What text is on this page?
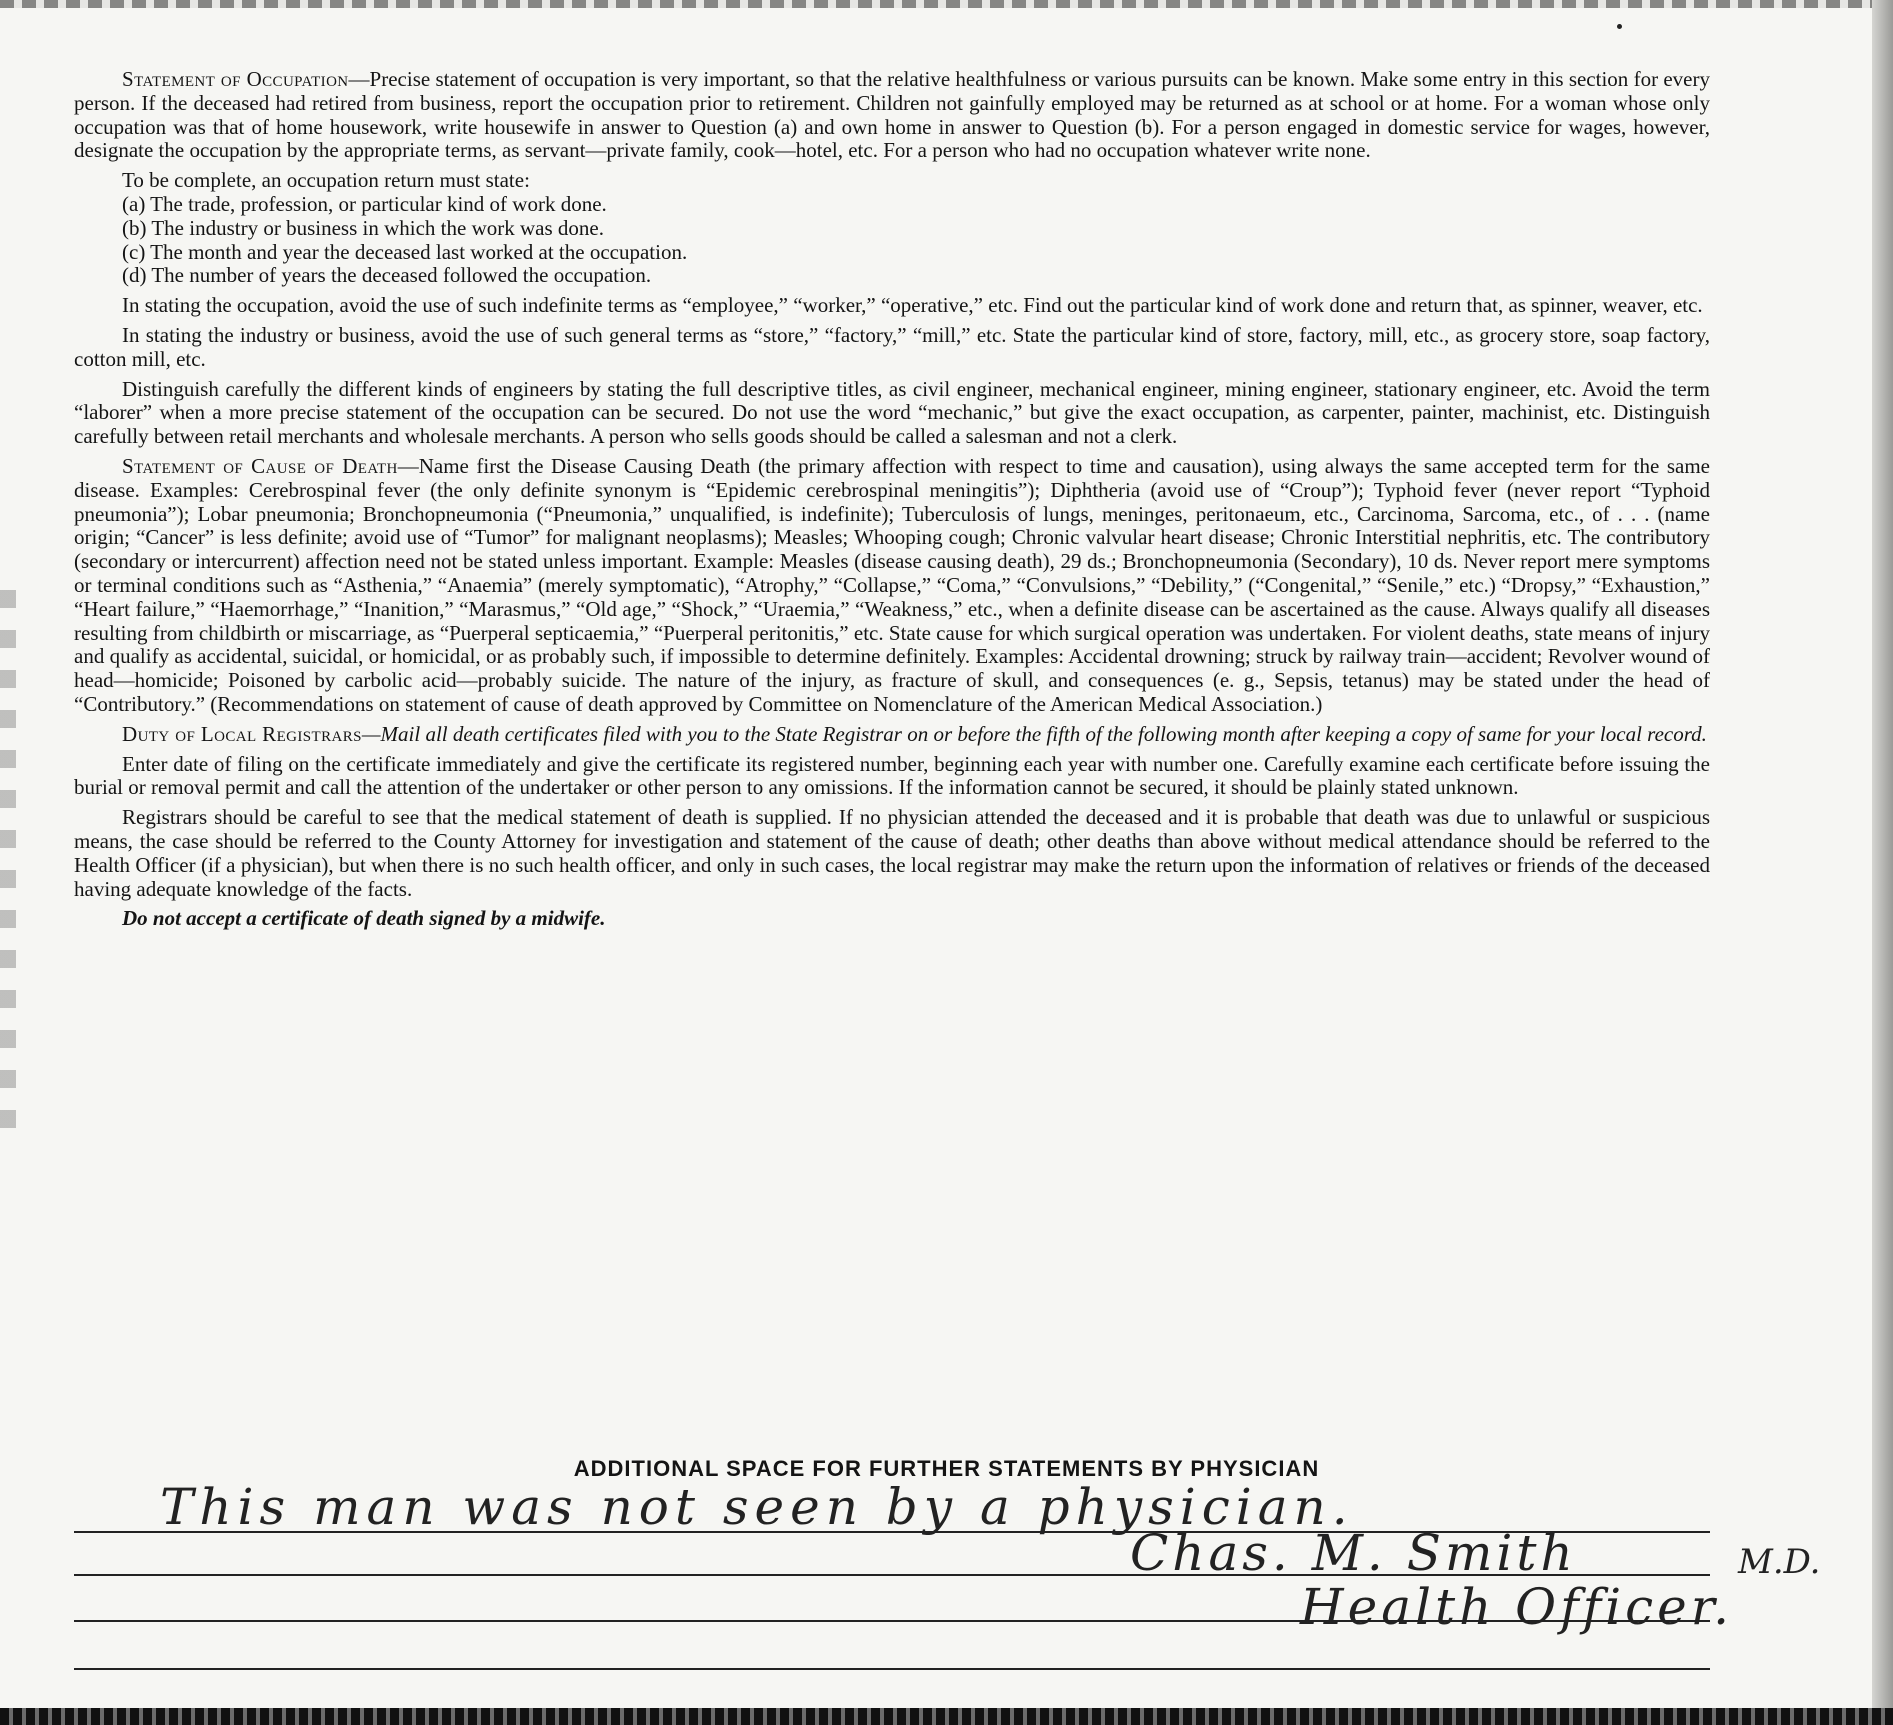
Statement of Occupation—Precise statement of occupation is very important, so that the relative healthfulness or various pursuits can be known. Make some entry in this section for every person. If the deceased had retired from business, report the occupation prior to retirement. Children not gainfully employed may be returned as at school or at home. For a woman whose only occupation was that of home housework, write housewife in answer to Question (a) and own home in answer to Question (b). For a person engaged in domestic service for wages, however, designate the occupation by the appropriate terms, as servant—private family, cook—hotel, etc. For a person who had no occupation whatever write none.

To be complete, an occupation return must state:

(a) The trade, profession, or particular kind of work done.

(b) The industry or business in which the work was done.

(c) The month and year the deceased last worked at the occupation.

(d) The number of years the deceased followed the occupation.

In stating the occupation, avoid the use of such indefinite terms as “employee,” “worker,” “operative,” etc. Find out the particular kind of work done and return that, as spinner, weaver, etc.

In stating the industry or business, avoid the use of such general terms as “store,” “factory,” “mill,” etc. State the particular kind of store, factory, mill, etc., as grocery store, soap factory, cotton mill, etc.

Distinguish carefully the different kinds of engineers by stating the full descriptive titles, as civil engineer, mechanical engineer, mining engineer, stationary engineer, etc. Avoid the term “laborer” when a more precise statement of the occupation can be secured. Do not use the word “mechanic,” but give the exact occupation, as carpenter, painter, machinist, etc. Distinguish carefully between retail merchants and wholesale merchants. A person who sells goods should be called a salesman and not a clerk.

Statement of Cause of Death—Name first the Disease Causing Death (the primary affection with respect to time and causation), using always the same accepted term for the same disease. Examples: Cerebrospinal fever (the only definite synonym is “Epidemic cerebrospinal meningitis”); Diphtheria (avoid use of “Croup”); Typhoid fever (never report “Typhoid pneumonia”); Lobar pneumonia; Bronchopneumonia (“Pneumonia,” unqualified, is indefinite); Tuberculosis of lungs, meninges, peritonaeum, etc., Carcinoma, Sarcoma, etc., of . . . (name origin; “Cancer” is less definite; avoid use of “Tumor” for malignant neoplasms); Measles; Whooping cough; Chronic valvular heart disease; Chronic Interstitial nephritis, etc. The contributory (secondary or intercurrent) affection need not be stated unless important. Example: Measles (disease causing death), 29 ds.; Bronchopneumonia (Secondary), 10 ds. Never report mere symptoms or terminal conditions such as “Asthenia,” “Anaemia” (merely symptomatic), “Atrophy,” “Collapse,” “Coma,” “Convulsions,” “Debility,” (“Congenital,” “Senile,” etc.) “Dropsy,” “Exhaustion,” “Heart failure,” “Haemorrhage,” “Inanition,” “Marasmus,” “Old age,” “Shock,” “Uraemia,” “Weakness,” etc., when a definite disease can be ascertained as the cause. Always qualify all diseases resulting from childbirth or miscarriage, as “Puerperal septicaemia,” “Puerperal peritonitis,” etc. State cause for which surgical operation was undertaken. For violent deaths, state means of injury and qualify as accidental, suicidal, or homicidal, or as probably such, if impossible to determine definitely. Examples: Accidental drowning; struck by railway train—accident; Revolver wound of head—homicide; Poisoned by carbolic acid—probably suicide. The nature of the injury, as fracture of skull, and consequences (e. g., Sepsis, tetanus) may be stated under the head of “Contributory.” (Recommendations on statement of cause of death approved by Committee on Nomenclature of the American Medical Association.)

Duty of Local Registrars—Mail all death certificates filed with you to the State Registrar on or before the fifth of the following month after keeping a copy of same for your local record.

Enter date of filing on the certificate immediately and give the certificate its registered number, beginning each year with number one. Carefully examine each certificate before issuing the burial or removal permit and call the attention of the undertaker or other person to any omissions. If the information cannot be secured, it should be plainly stated unknown.

Registrars should be careful to see that the medical statement of death is supplied. If no physician attended the deceased and it is probable that death was due to unlawful or suspicious means, the case should be referred to the County Attorney for investigation and statement of the cause of death; other deaths than above without medical attendance should be referred to the Health Officer (if a physician), but when there is no such health officer, and only in such cases, the local registrar may make the return upon the information of relatives or friends of the deceased having adequate knowledge of the facts.

Do not accept a certificate of death signed by a midwife.

ADDITIONAL SPACE FOR FURTHER STATEMENTS BY PHYSICIAN
This man was not seen by a physician.
Chas. M. Smith	M.D.
Health Officer.
